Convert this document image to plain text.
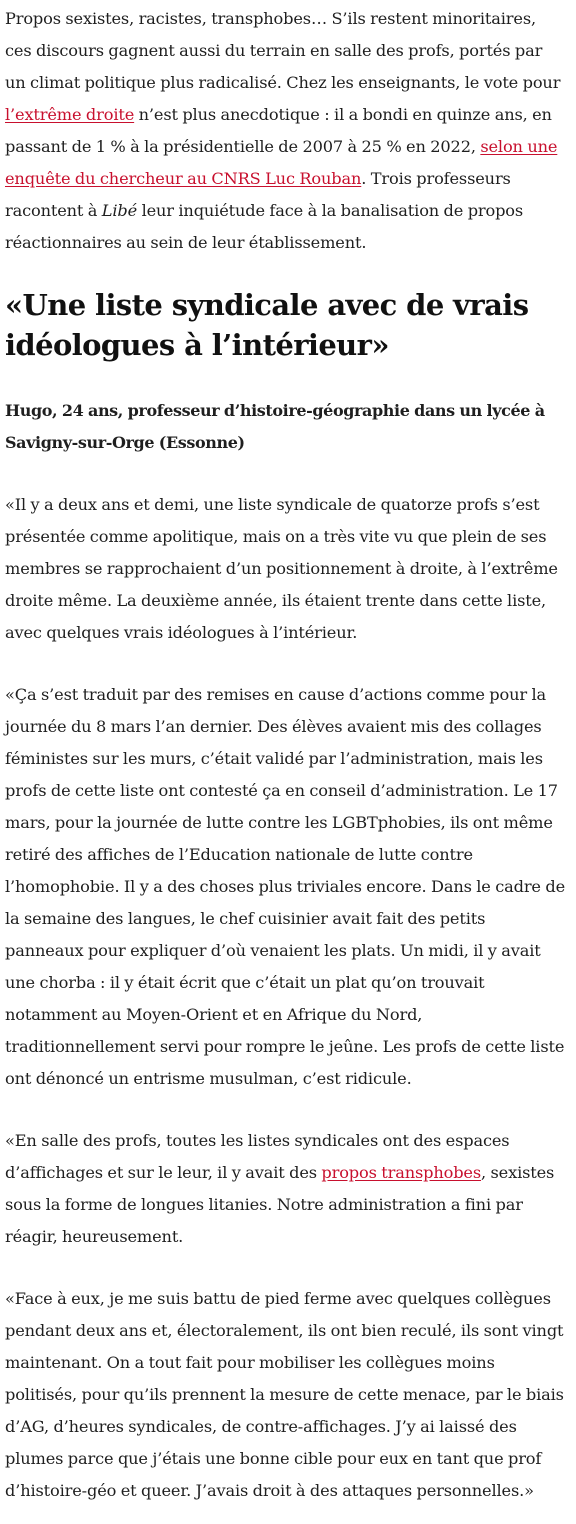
Propos sexistes, racistes, transphobes… S’ils restent minoritaires, ces discours gagnent aussi du terrain en salle des profs, portés par un climat politique plus radicalisé. Chez les enseignants, le vote pour l’extrême droite n’est plus anecdotique : il a bondi en quinze ans, en passant de 1 % à la présidentielle de 2007 à 25 % en 2022, selon une enquête du chercheur au CNRS Luc Rouban. Trois professeurs racontent à Libé leur inquiétude face à la banalisation de propos réactionnaires au sein de leur établissement.

«Une liste syndicale avec de vrais idéologues à l’intérieur»

Hugo, 24 ans, professeur d’histoire-géographie dans un lycée à Savigny-sur-Orge (Essonne)

«Il y a deux ans et demi, une liste syndicale de quatorze profs s’est présentée comme apolitique, mais on a très vite vu que plein de ses membres se rapprochaient d’un positionnement à droite, à l’extrême droite même. La deuxième année, ils étaient trente dans cette liste, avec quelques vrais idéologues à l’intérieur.

«Ça s’est traduit par des remises en cause d’actions comme pour la journée du 8 mars l’an dernier. Des élèves avaient mis des collages féministes sur les murs, c’était validé par l’administration, mais les profs de cette liste ont contesté ça en conseil d’administration. Le 17 mars, pour la journée de lutte contre les LGBTphobies, ils ont même retiré des affiches de l’Education nationale de lutte contre l’homophobie. Il y a des choses plus triviales encore. Dans le cadre de la semaine des langues, le chef cuisinier avait fait des petits panneaux pour expliquer d’où venaient les plats. Un midi, il y avait une chorba : il y était écrit que c’était un plat qu’on trouvait notamment au Moyen-Orient et en Afrique du Nord, traditionnellement servi pour rompre le jeûne. Les profs de cette liste ont dénoncé un entrisme musulman, c’est ridicule.

«En salle des profs, toutes les listes syndicales ont des espaces d’affichages et sur le leur, il y avait des propos transphobes, sexistes sous la forme de longues litanies. Notre administration a fini par réagir, heureusement.

«Face à eux, je me suis battu de pied ferme avec quelques collègues pendant deux ans et, électoralement, ils ont bien reculé, ils sont vingt maintenant. On a tout fait pour mobiliser les collègues moins politisés, pour qu’ils prennent la mesure de cette menace, par le biais d’AG, d’heures syndicales, de contre-affichages. J’y ai laissé des plumes parce que j’étais une bonne cible pour eux en tant que prof d’histoire-géo et queer. J’avais droit à des attaques personnelles.»
